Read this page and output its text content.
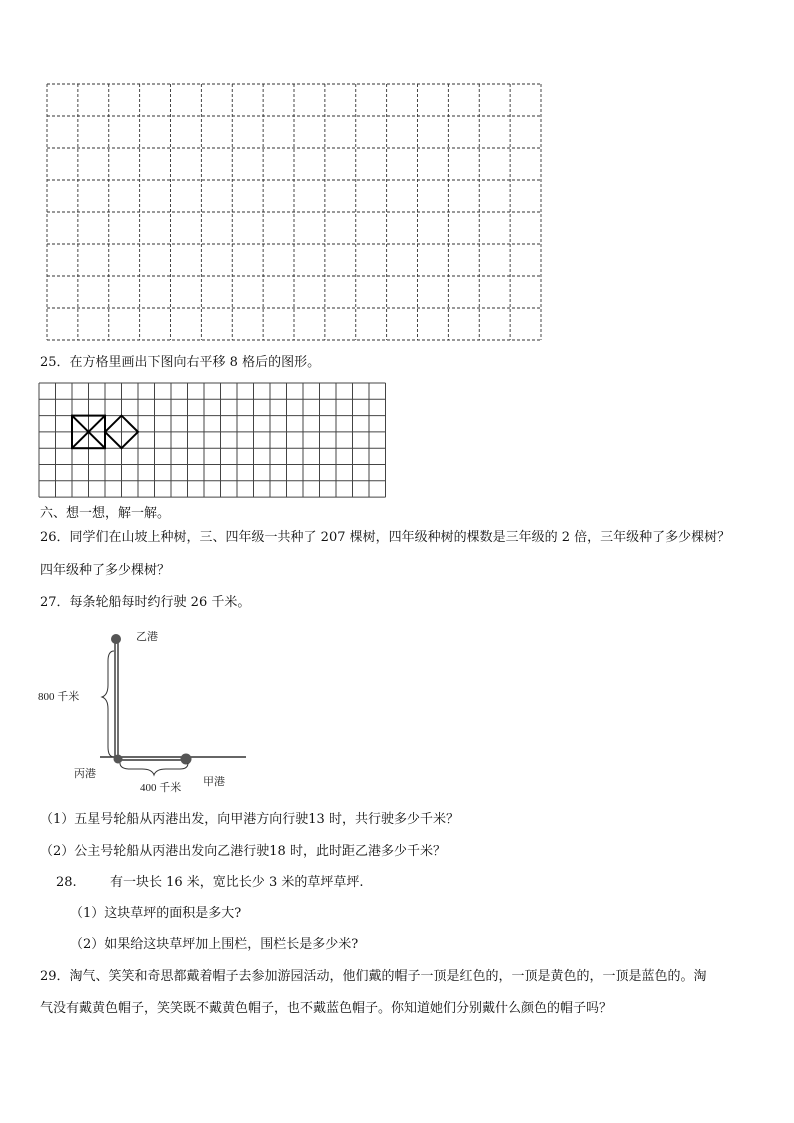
25．在方格里画出下图向右平移 8 格后的图形。
六、想一想，解一解。
26．同学们在山坡上种树，三、四年级一共种了 207 棵树，四年级种树的棵数是三年级的 2 倍，三年级种了多少棵树？
四年级种了多少棵树？
27．每条轮船每时约行驶 26 千米。
乙港
800 千米
丙港
400 千米 甲港
（1）五星号轮船从丙港出发，向甲港方向行驶13 时，共行驶多少千米？
（2）公主号轮船从丙港出发向乙港行驶18 时，此时距乙港多少千米？
28.	有一块长 16 米，宽比长少 3 米的草坪草坪.
（1）这块草坪的面积是多大?
（2）如果给这块草坪加上围栏，围栏长是多少米?
29．淘气、笑笑和奇思都戴着帽子去参加游园活动，他们戴的帽子一顶是红色的，一顶是黄色的，一顶是蓝色的。淘
气没有戴黄色帽子，笑笑既不戴黄色帽子，也不戴蓝色帽子。你知道她们分别戴什么颜色的帽子吗？
